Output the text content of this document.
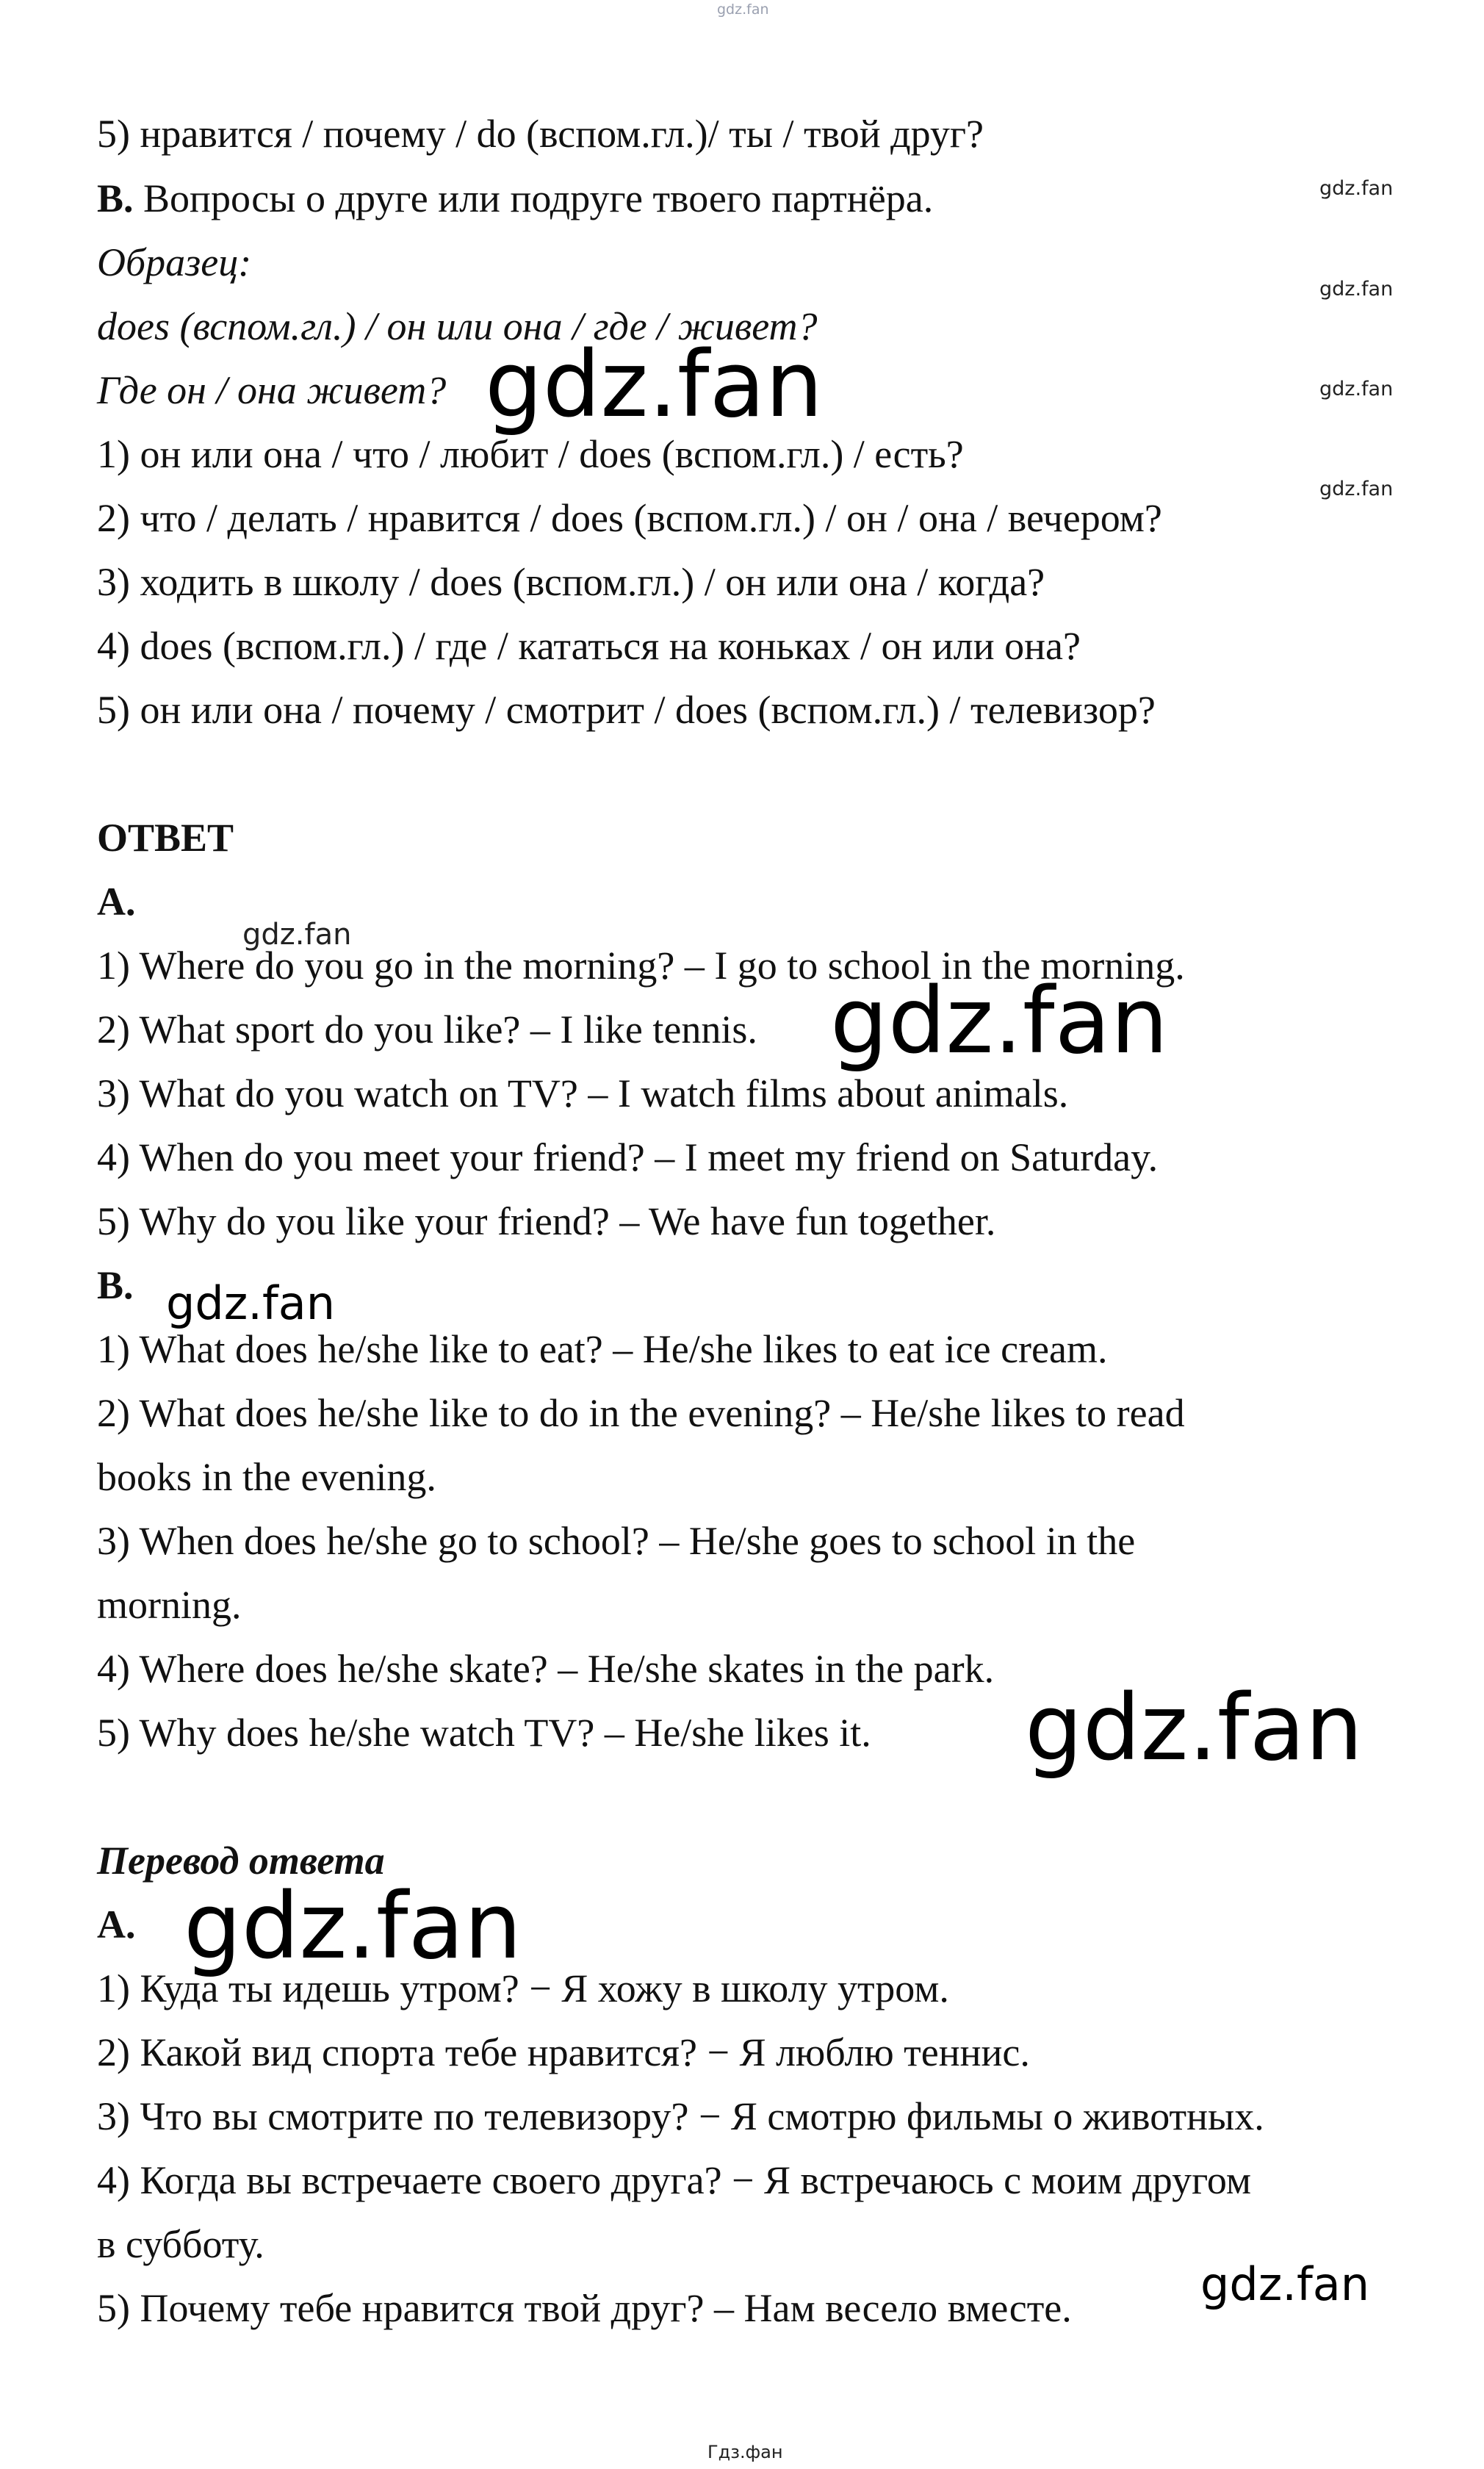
gdz.fan
5) нравится / почему / do (вспом.гл.)/ ты / твой друг?
B. Вопросы о друге или подруге твоего партнёра.
Образец:
does (вспом.гл.) / он или она / где / живет?
Где он / она живет?
1) он или она / что / любит / does (вспом.гл.) / есть?
2) что / делать / нравится / does (вспом.гл.) / он / она / вечером?
3) ходить в школу / does (вспом.гл.) / он или она / когда?
4) does (вспом.гл.) / где / кататься на коньках / он или она?
5) он или она / почему / смотрит / does (вспом.гл.) / телевизор?
ОТВЕТ
A.
1) Where do you go in the morning? – I go to school in the morning.
2) What sport do you like? – I like tennis.
3) What do you watch on TV? – I watch films about animals.
4) When do you meet your friend? – I meet my friend on Saturday.
5) Why do you like your friend? – We have fun together.
B.
1) What does he/she like to eat? – He/she likes to eat ice cream.
2) What does he/she like to do in the evening? – He/she likes to read
books in the evening.
3) When does he/she go to school? – He/she goes to school in the
morning.
4) Where does he/she skate? – He/she skates in the park.
5) Why does he/she watch TV? – He/she likes it.
Перевод ответа
A.
1) Куда ты идешь утром? − Я хожу в школу утром.
2) Какой вид спорта тебе нравится? − Я люблю теннис.
3) Что вы смотрите по телевизору? − Я смотрю фильмы о животных.
4) Когда вы встречаете своего друга? − Я встречаюсь с моим другом
в субботу.
5) Почему тебе нравится твой друг? – Нам весело вместе.
gdz.fan
gdz.fan
gdz.fan
gdz.fan
gdz.fan
gdz.fan
gdz.fan
gdz.fan
gdz.fan
gdz.fan
gdz.fan
Гдз.фан
